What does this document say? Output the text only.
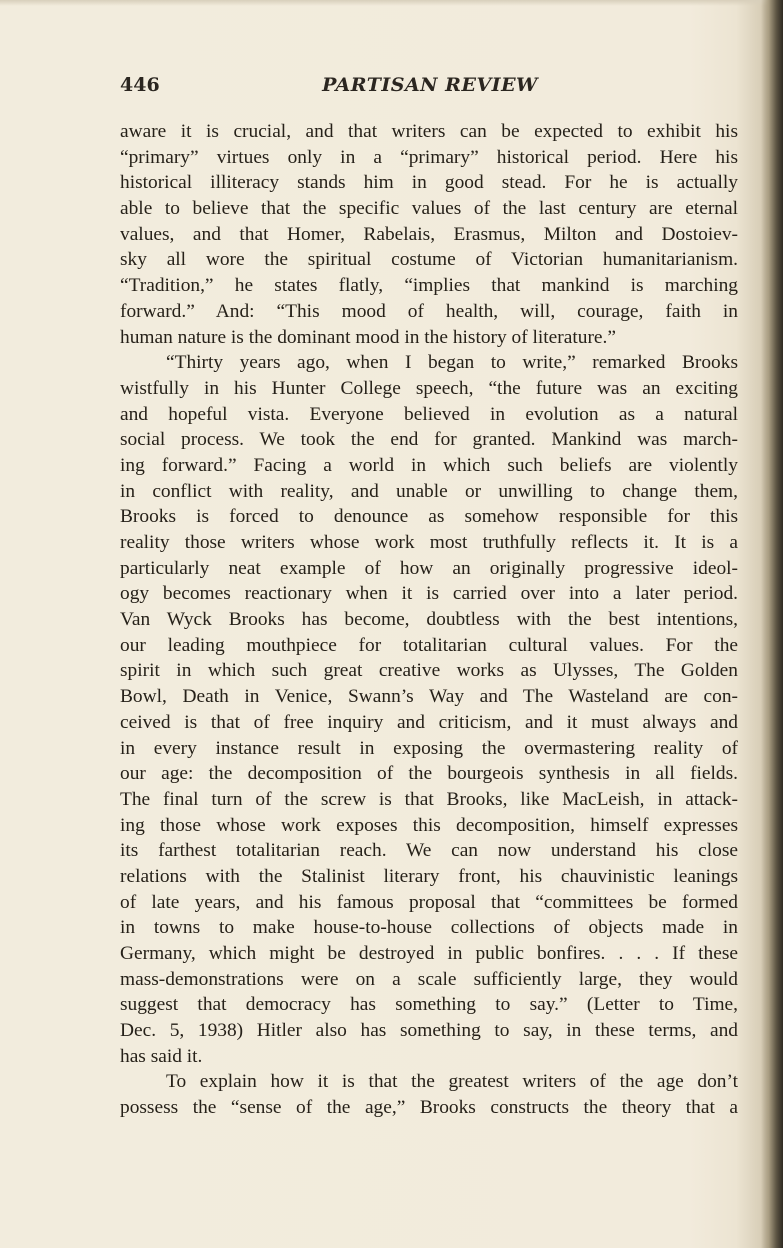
446	PARTISAN REVIEW

aware it is crucial, and that writers can be expected to exhibit his
“primary” virtues only in a “primary” historical period. Here his
historical illiteracy stands him in good stead. For he is actually
able to believe that the specific values of the last century are eternal
values, and that Homer, Rabelais, Erasmus, Milton and Dostoiev-
sky all wore the spiritual costume of Victorian humanitarianism.
“Tradition,” he states flatly, “implies that mankind is marching
forward.” And: “This mood of health, will, courage, faith in
human nature is the dominant mood in the history of literature.”

“Thirty years ago, when I began to write,” remarked Brooks
wistfully in his Hunter College speech, “the future was an exciting
and hopeful vista. Everyone believed in evolution as a natural
social process. We took the end for granted. Mankind was march-
ing forward.” Facing a world in which such beliefs are violently
in conflict with reality, and unable or unwilling to change them,
Brooks is forced to denounce as somehow responsible for this
reality those writers whose work most truthfully reflects it. It is a
particularly neat example of how an originally progressive ideol-
ogy becomes reactionary when it is carried over into a later period.
Van Wyck Brooks has become, doubtless with the best intentions,
our leading mouthpiece for totalitarian cultural values. For the
spirit in which such great creative works as Ulysses, The Golden
Bowl, Death in Venice, Swann’s Way and The Wasteland are con-
ceived is that of free inquiry and criticism, and it must always and
in every instance result in exposing the overmastering reality of
our age: the decomposition of the bourgeois synthesis in all fields.
The final turn of the screw is that Brooks, like MacLeish, in attack-
ing those whose work exposes this decomposition, himself expresses
its farthest totalitarian reach. We can now understand his close
relations with the Stalinist literary front, his chauvinistic leanings
of late years, and his famous proposal that “committees be formed
in towns to make house-to-house collections of objects made in
Germany, which might be destroyed in public bonfires. . . . If these
mass-demonstrations were on a scale sufficiently large, they would
suggest that democracy has something to say.” (Letter to Time,
Dec. 5, 1938) Hitler also has something to say, in these terms, and
has said it.

To explain how it is that the greatest writers of the age don’t
possess the “sense of the age,” Brooks constructs the theory that a
